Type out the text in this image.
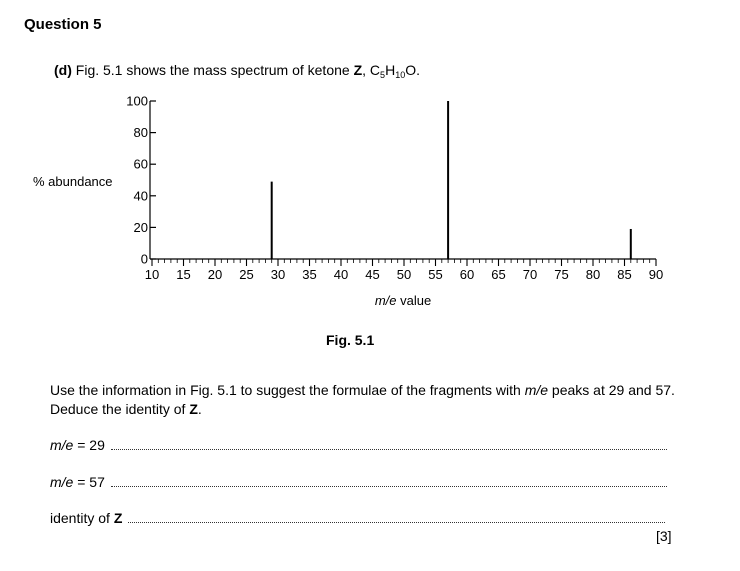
Question 5
(d) Fig. 5.1 shows the mass spectrum of ketone Z, $C_5H_{10}O$.
0
20
40
60
80
100
10 15 20 25 30 35 40 45 50 55 60 65 70 75 80 85 90
% abundance
m/e value
Fig. 5.1
Use the information in Fig. 5.1 to suggest the formulae of the fragments with m/e peaks at 29 and 57. Deduce the identity of Z.
m/e = 29
m/e = 57
identity of Z
[3]
